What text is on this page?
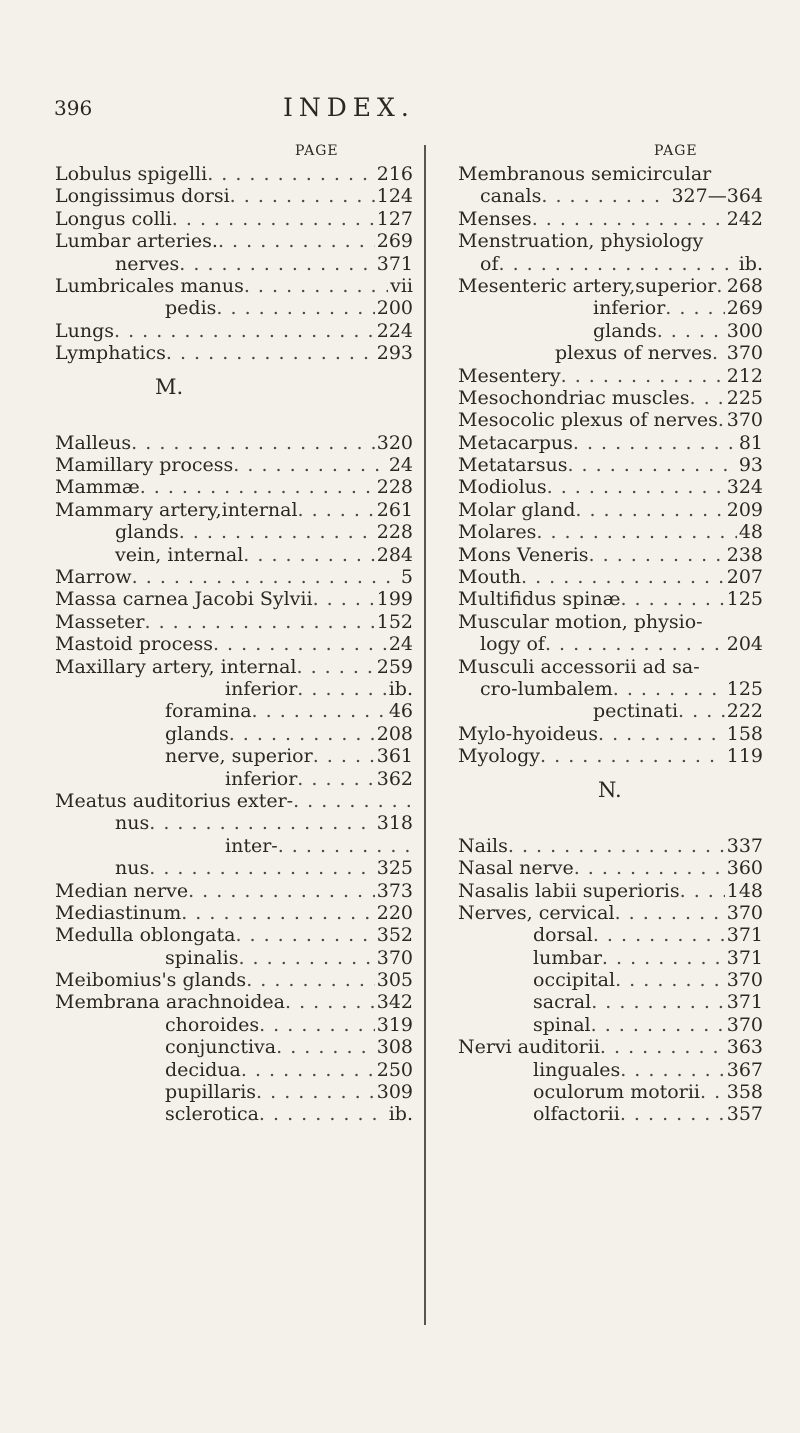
396	INDEX.
PAGE
Lobulus spigelli . . .	216
Longissimus dorsi . . .	124
Longus colli . . .	127
Lumbar arteries. . . .	269
nerves . . .	371
Lumbricales manus . . .	vii
pedis . . .	200
Lungs . . .	224
Lymphatics . . .	293
M.
Malleus . . .	320
Mamillary process . . .	24
Mammæ . . .	228
Mammary artery,internal . . .	261
glands . . .	228
vein, internal . . .	284
Marrow . . .	5
Massa carnea Jacobi Sylvii . . .	199
Masseter . . .	152
Mastoid process . . .	24
Maxillary artery, internal . . .	259
inferior . . .	ib.
foramina . . .	46
glands . . .	208
nerve, superior . . .	361
inferior . . .	362
Meatus auditorius exter-
. . .
nus . . .	318
inter-
. . .
nus . . .	325
Median nerve . . .	373
Mediastinum . . .	220
Medulla oblongata . . .	352
spinalis . . .	370
Meibomius's glands . . .	305
Membrana arachnoidea . . .	342
choroides . . .	319
conjunctiva . . .	308
decidua . . .	250
pupillaris . . .	309
sclerotica . . .	ib.
PAGE
Membranous semicircular
canals . . .	327—364
Menses . . .	242
Menstruation, physiology
of . . .	ib.
Mesenteric artery,superior . . . 268
inferior . . .	269
glands . . .	300
plexus of nerves . . . 370
Mesentery . . .	212
Mesochondriac muscles . . . 225
Mesocolic plexus of nerves . . . 370
Metacarpus . . .	81
Metatarsus . . .	93
Modiolus . . .	324
Molar gland . . .	209
Molares . . .	48
Mons Veneris . . .	238
Mouth . . .	207
Multifidus spinæ . . .	125
Muscular motion, physio-
logy of . . .	204
Musculi accessorii ad sa-
cro-lumbalem . . .	125
pectinati . . .	222
Mylo-hyoideus . . .	158
Myology . . .	119
N.
Nails . . .	337
Nasal nerve . . .	360
Nasalis labii superioris . . . 148
Nerves, cervical . . .	370
dorsal . . .	371
lumbar . . .	371
occipital . . .	370
sacral . . .	371
spinal . . .	370
Nervi auditorii . . .	363
linguales . . .	367
oculorum motorii . . . 358
olfactorii . . .	357
